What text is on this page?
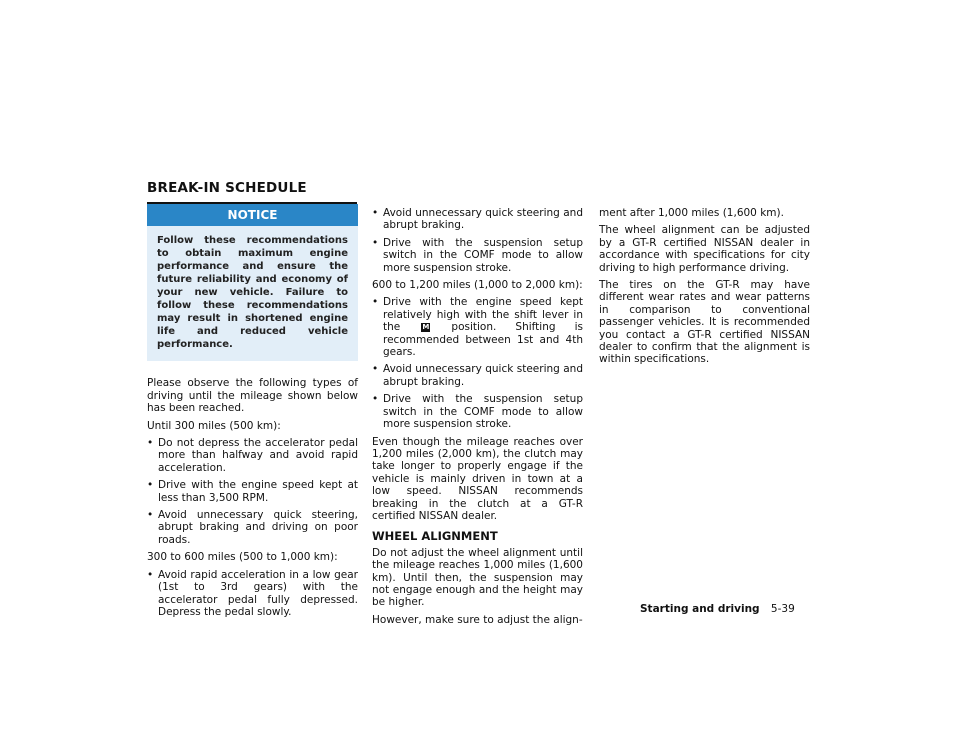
BREAK-IN SCHEDULE
NOTICE
Follow these recommendations to obtain maximum engine performance and ensure the future reliability and economy of your new vehicle. Failure to follow these recommendations may result in shortened engine life and reduced vehicle performance.

Please observe the following types of driving until the mileage shown below has been reached.

Until 300 miles (500 km):

• Do not depress the accelerator pedal more than halfway and avoid rapid acceleration.
• Drive with the engine speed kept at less than 3,500 RPM.
• Avoid unnecessary quick steering, abrupt braking and driving on poor roads.

300 to 600 miles (500 to 1,000 km):

• Avoid rapid acceleration in a low gear (1st to 3rd gears) with the accelerator pedal fully depressed. Depress the pedal slowly.
• Avoid unnecessary quick steering and abrupt braking.
• Drive with the suspension setup switch in the COMF mode to allow more suspension stroke.

600 to 1,200 miles (1,000 to 2,000 km):

• Drive with the engine speed kept relatively high with the shift lever in the	M position. Shifting is recommended between 1st and 4th gears.
• Avoid unnecessary quick steering and abrupt braking.
• Drive with the suspension setup switch in the COMF mode to allow more suspension stroke.

Even though the mileage reaches over 1,200 miles (2,000 km), the clutch may take longer to properly engage if the vehicle is mainly driven in town at a low speed. NISSAN recommends breaking in the clutch at a GT-R certified NISSAN dealer.

WHEEL ALIGNMENT

Do not adjust the wheel alignment until the mileage reaches 1,000 miles (1,600 km). Until then, the suspension may not engage enough and the height may be higher.

However, make sure to adjust the align-

ment after 1,000 miles (1,600 km).

The wheel alignment can be adjusted by a GT-R certified NISSAN dealer in accordance with specifications for city driving to high performance driving.

The tires on the GT-R may have different wear rates and wear patterns in comparison to conventional passenger vehicles. It is recommended you contact a GT-R certified NISSAN dealer to confirm that the alignment is within specifications.

Starting and driving 5-39
